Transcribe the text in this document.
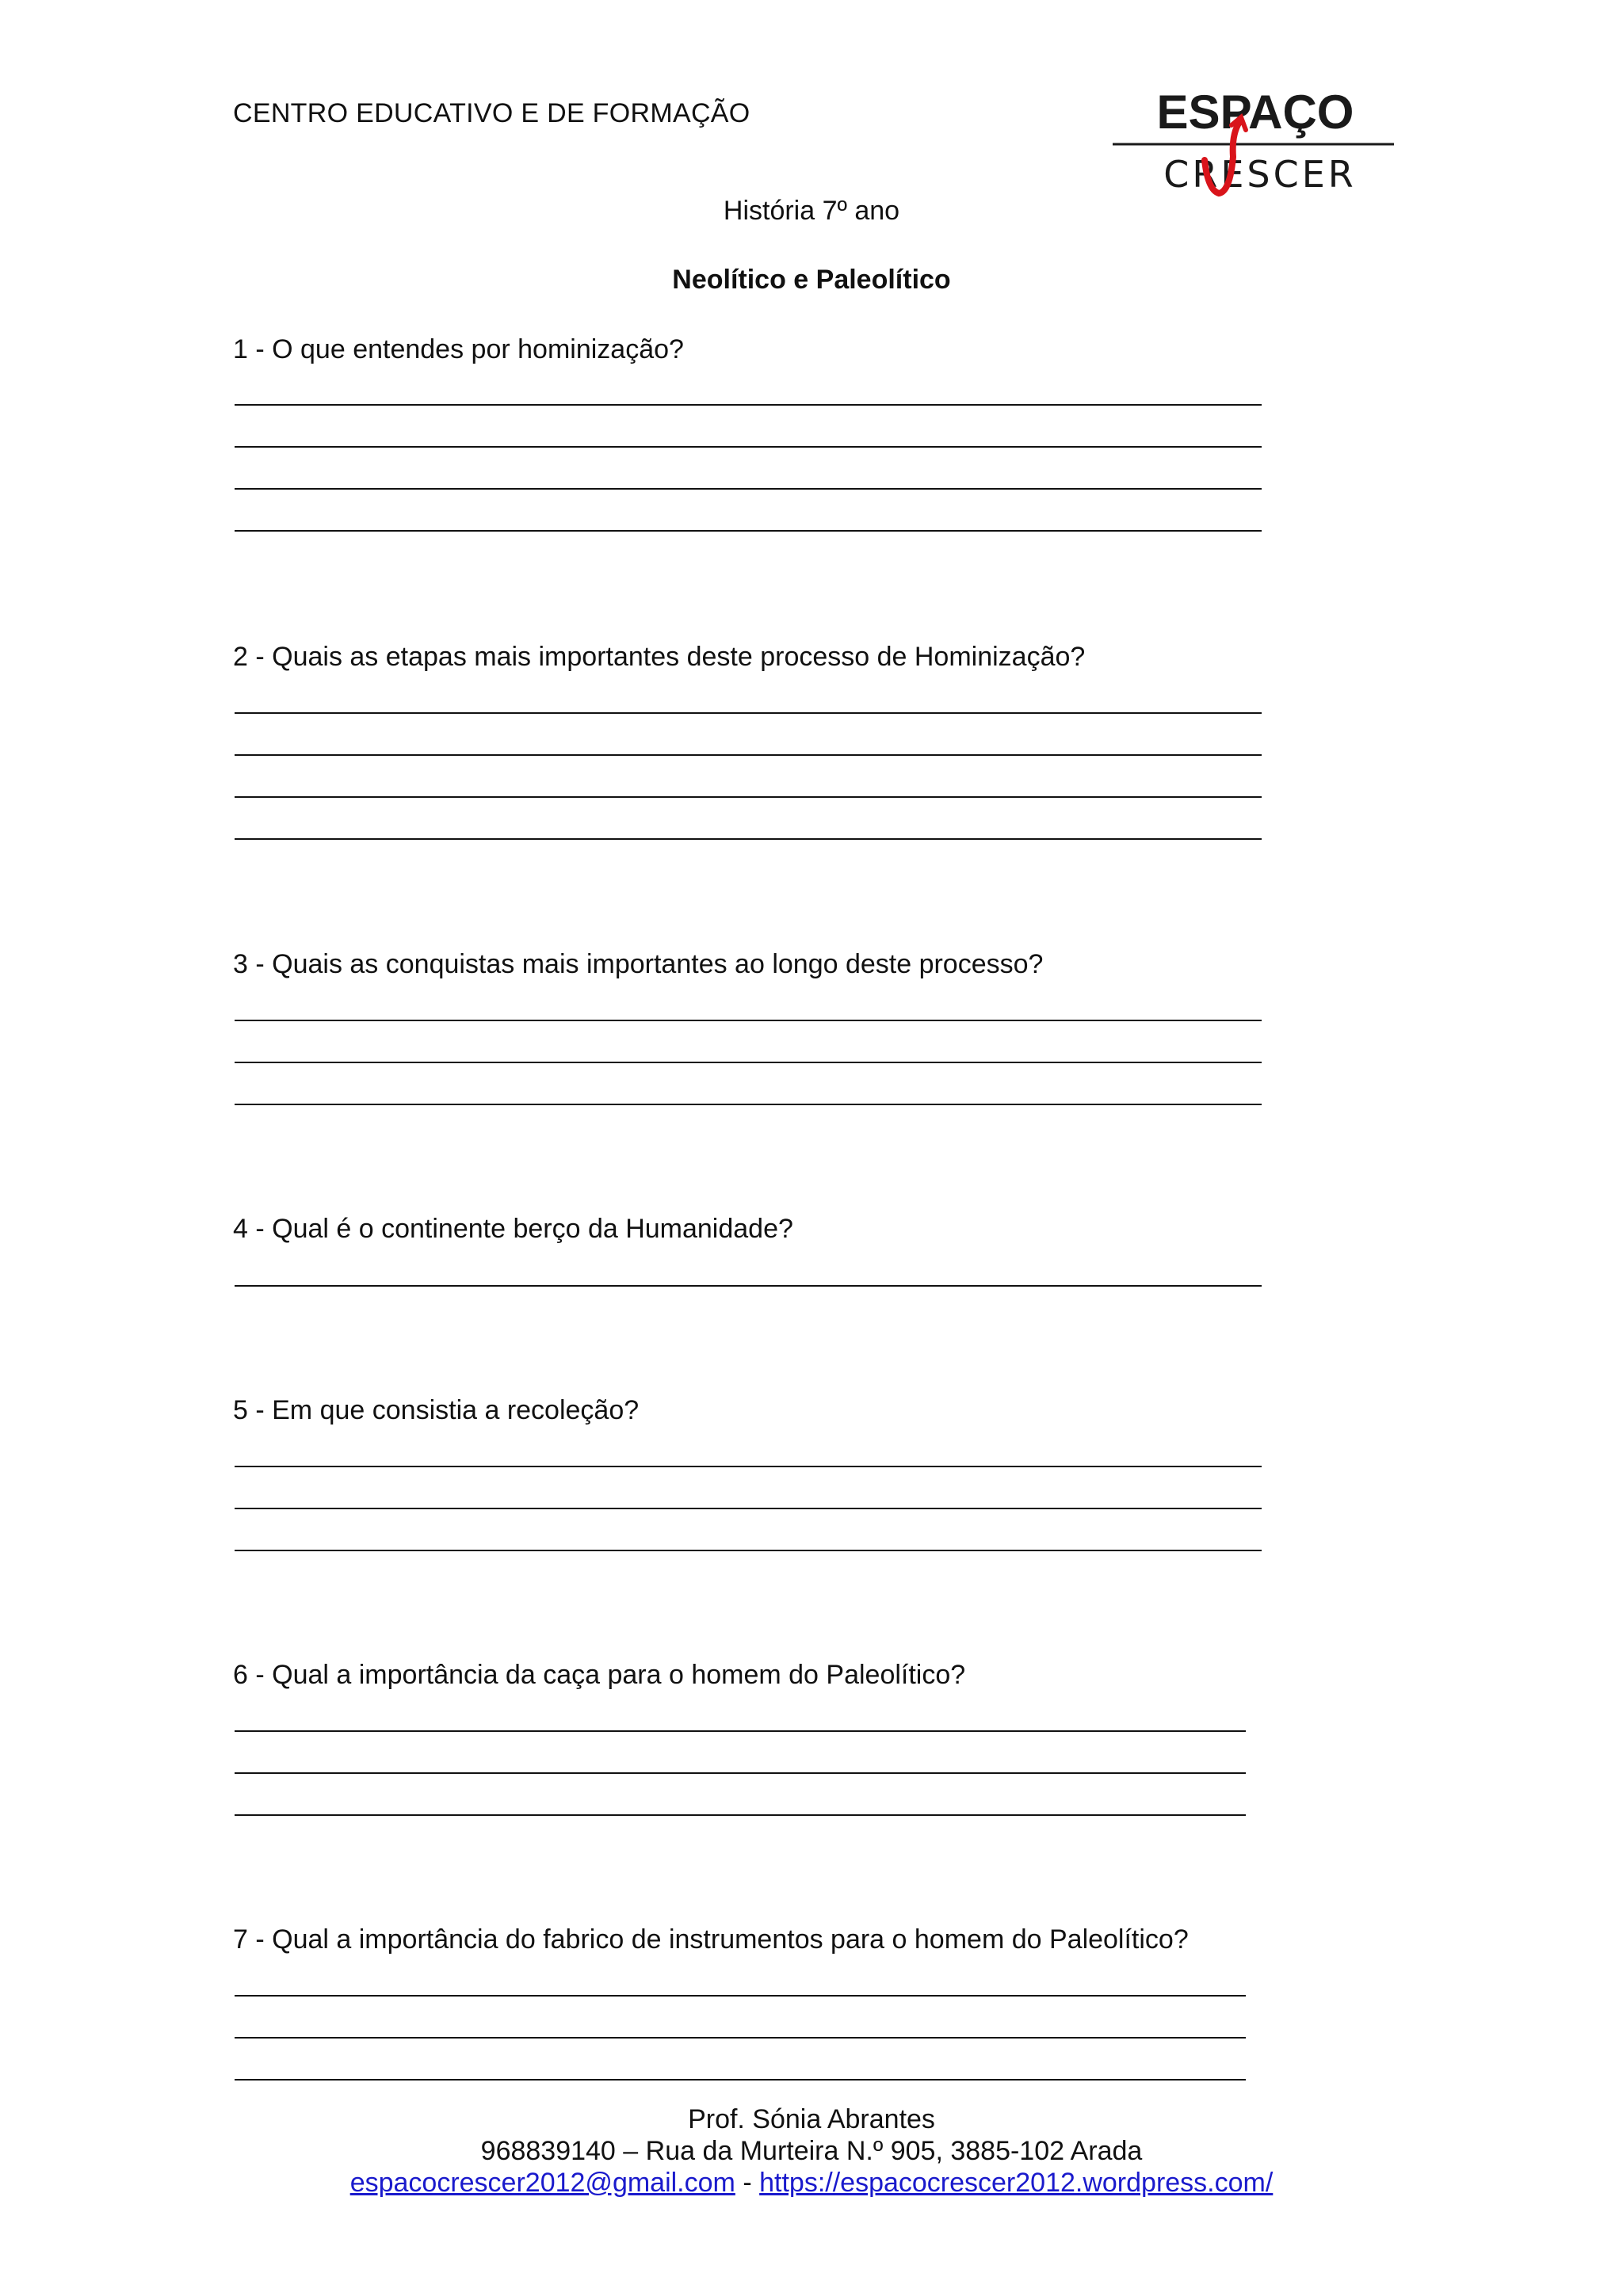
CENTRO EDUCATIVO E DE FORMAÇÃO	ESPAÇO
CRESCER
História 7º ano
Neolítico e Paleolítico
1 - O que entendes por hominização?
2 - Quais as etapas mais importantes deste processo de Hominização?
3 - Quais as conquistas mais importantes ao longo deste processo?
4 - Qual é o continente berço da Humanidade?
5 - Em que consistia a recoleção?
6 - Qual a importância da caça para o homem do Paleolítico?
7 - Qual a importância do fabrico de instrumentos para o homem do Paleolítico?
Prof. Sónia Abrantes
968839140 – Rua da Murteira N.º 905, 3885-102 Arada
espacocrescer2012@gmail.com - https://espacocrescer2012.wordpress.com/
